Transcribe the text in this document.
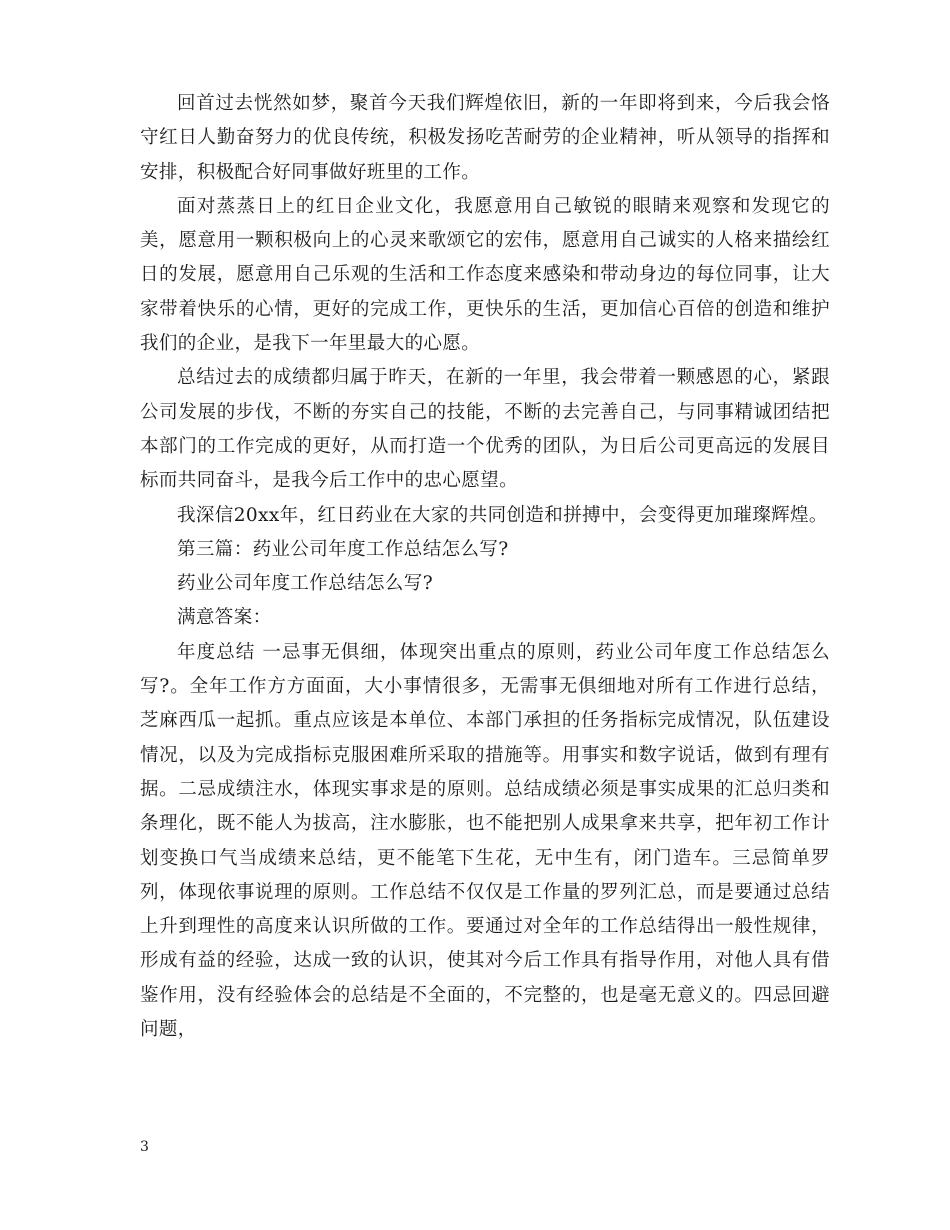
回首过去恍然如梦，聚首今天我们辉煌依旧，新的一年即将到来，今后我会恪守红日人勤奋努力的优良传统，积极发扬吃苦耐劳的企业精神，听从领导的指挥和安排，积极配合好同事做好班里的工作。

面对蒸蒸日上的红日企业文化，我愿意用自己敏锐的眼睛来观察和发现它的美，愿意用一颗积极向上的心灵来歌颂它的宏伟，愿意用自己诚实的人格来描绘红日的发展，愿意用自己乐观的生活和工作态度来感染和带动身边的每位同事，让大家带着快乐的心情，更好的完成工作，更快乐的生活，更加信心百倍的创造和维护我们的企业，是我下一年里最大的心愿。

总结过去的成绩都归属于昨天，在新的一年里，我会带着一颗感恩的心，紧跟公司发展的步伐，不断的夯实自己的技能，不断的去完善自己，与同事精诚团结把本部门的工作完成的更好，从而打造一个优秀的团队，为日后公司更高远的发展目标而共同奋斗，是我今后工作中的忠心愿望。

我深信20xx年，红日药业在大家的共同创造和拼搏中，会变得更加璀璨辉煌。

第三篇：药业公司年度工作总结怎么写?

药业公司年度工作总结怎么写?

满意答案：

年度总结 一忌事无俱细，体现突出重点的原则，药业公司年度工作总结怎么写?。全年工作方方面面，大小事情很多，无需事无俱细地对所有工作进行总结，芝麻西瓜一起抓。重点应该是本单位、本部门承担的任务指标完成情况，队伍建设情况，以及为完成指标克服困难所采取的措施等。用事实和数字说话，做到有理有据。二忌成绩注水，体现实事求是的原则。总结成绩必须是事实成果的汇总归类和条理化，既不能人为拔高，注水膨胀，也不能把别人成果拿来共享，把年初工作计划变换口气当成绩来总结，更不能笔下生花，无中生有，闭门造车。三忌简单罗列，体现依事说理的原则。工作总结不仅仅是工作量的罗列汇总，而是要通过总结上升到理性的高度来认识所做的工作。要通过对全年的工作总结得出一般性规律，形成有益的经验，达成一致的认识，使其对今后工作具有指导作用，对他人具有借鉴作用，没有经验体会的总结是不全面的，不完整的，也是毫无意义的。四忌回避问题，

3
